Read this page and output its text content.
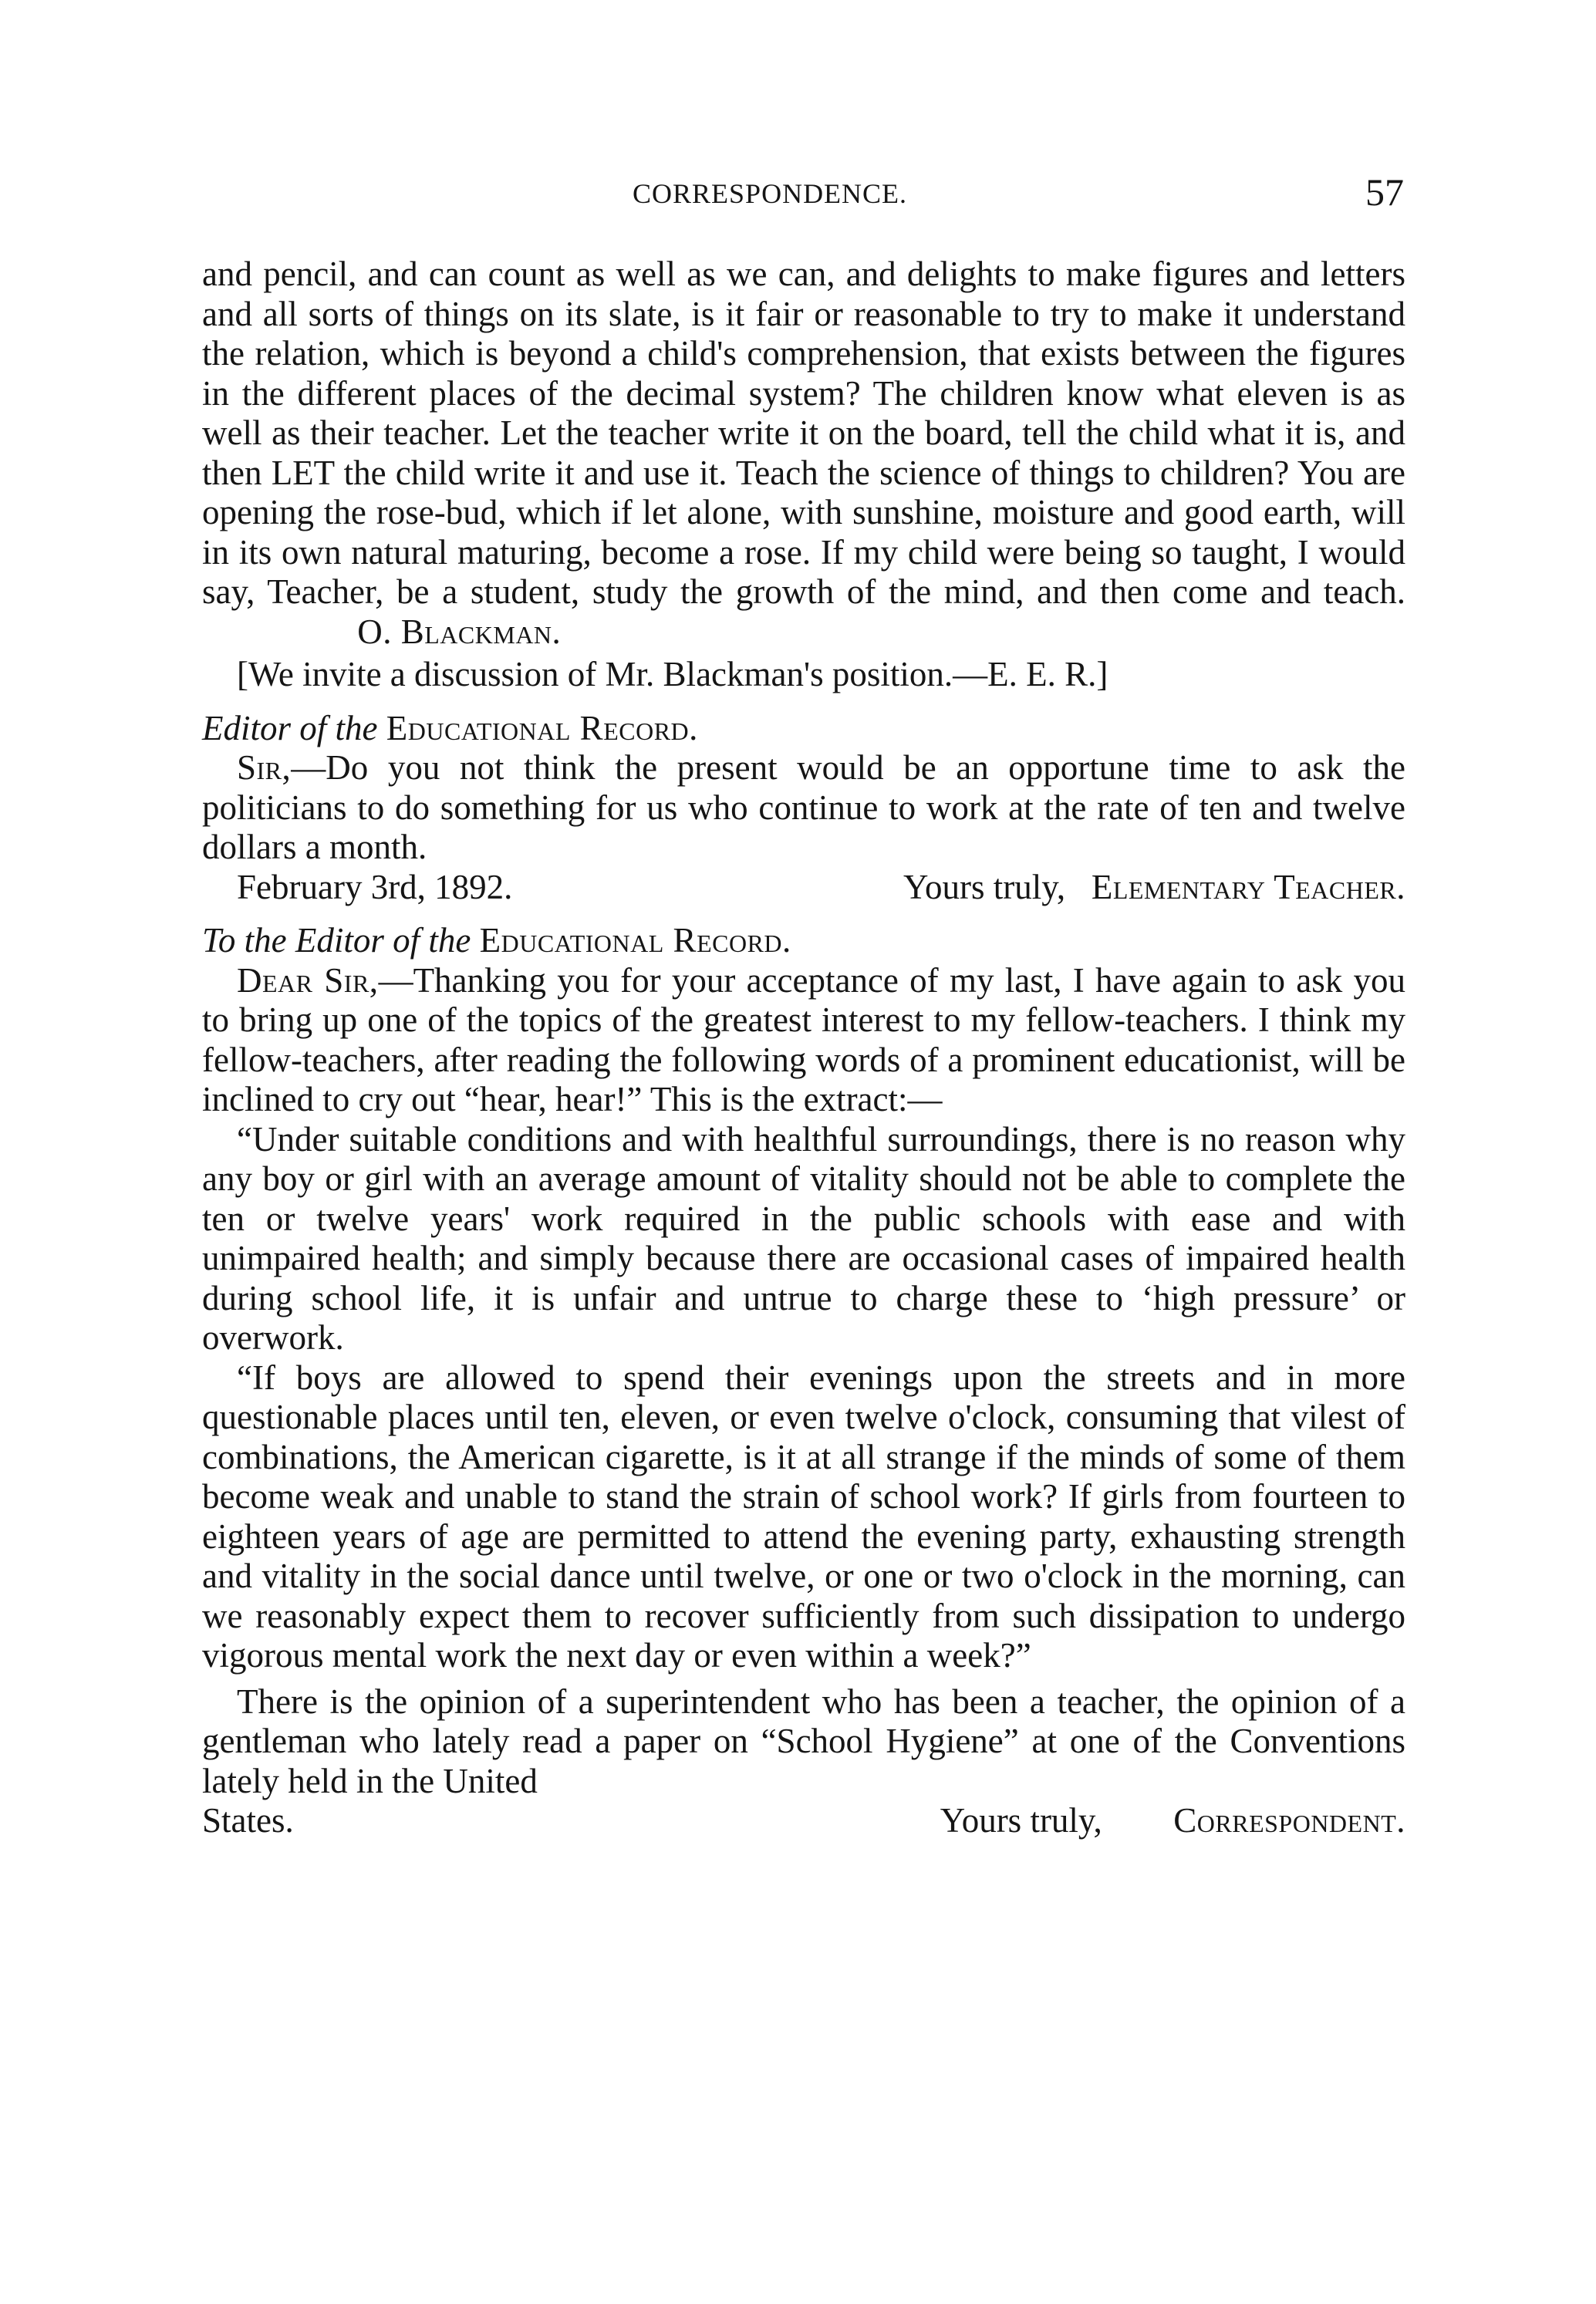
CORRESPONDENCE.	57

and pencil, and can count as well as we can, and delights to make figures and letters and all sorts of things on its slate, is it fair or reasonable to try to make it understand the relation, which is beyond a child's comprehension, that exists between the figures in the different places of the decimal system? The children know what eleven is as well as their teacher. Let the teacher write it on the board, tell the child what it is, and then LET the child write it and use it. Teach the science of things to children? You are opening the rose-bud, which if let alone, with sunshine, moisture and good earth, will in its own natural maturing, become a rose. If my child were being so taught, I would say, Teacher, be a student, study the growth of the mind, and then come and teach.  O. Blackman.

[We invite a discussion of Mr. Blackman's position.—E. E. R.]

Editor of the Educational Record.

Sir,—Do you not think the present would be an opportune time to ask the politicians to do something for us who continue to work at the rate of ten and twelve dollars a month.

February 3rd, 1892.	Yours truly, Elementary Teacher.

To the Editor of the Educational Record.

Dear Sir,—Thanking you for your acceptance of my last, I have again to ask you to bring up one of the topics of the greatest interest to my fellow-teachers. I think my fellow-teachers, after reading the following words of a prominent educationist, will be inclined to cry out “hear, hear!” This is the extract:—

“Under suitable conditions and with healthful surroundings, there is no reason why any boy or girl with an average amount of vitality should not be able to complete the ten or twelve years' work required in the public schools with ease and with unimpaired health; and simply because there are occasional cases of impaired health during school life, it is unfair and untrue to charge these to ‘high pressure’ or overwork.

“If boys are allowed to spend their evenings upon the streets and in more questionable places until ten, eleven, or even twelve o'clock, consuming that vilest of combinations, the American cigarette, is it at all strange if the minds of some of them become weak and unable to stand the strain of school work? If girls from fourteen to eighteen years of age are permitted to attend the evening party, exhausting strength and vitality in the social dance until twelve, or one or two o'clock in the morning, can we reasonably expect them to recover sufficiently from such dissipation to undergo vigorous mental work the next day or even within a week?”

There is the opinion of a superintendent who has been a teacher, the opinion of a gentleman who lately read a paper on “School Hygiene” at one of the Conventions lately held in the United

States.	Yours truly, Correspondent.
